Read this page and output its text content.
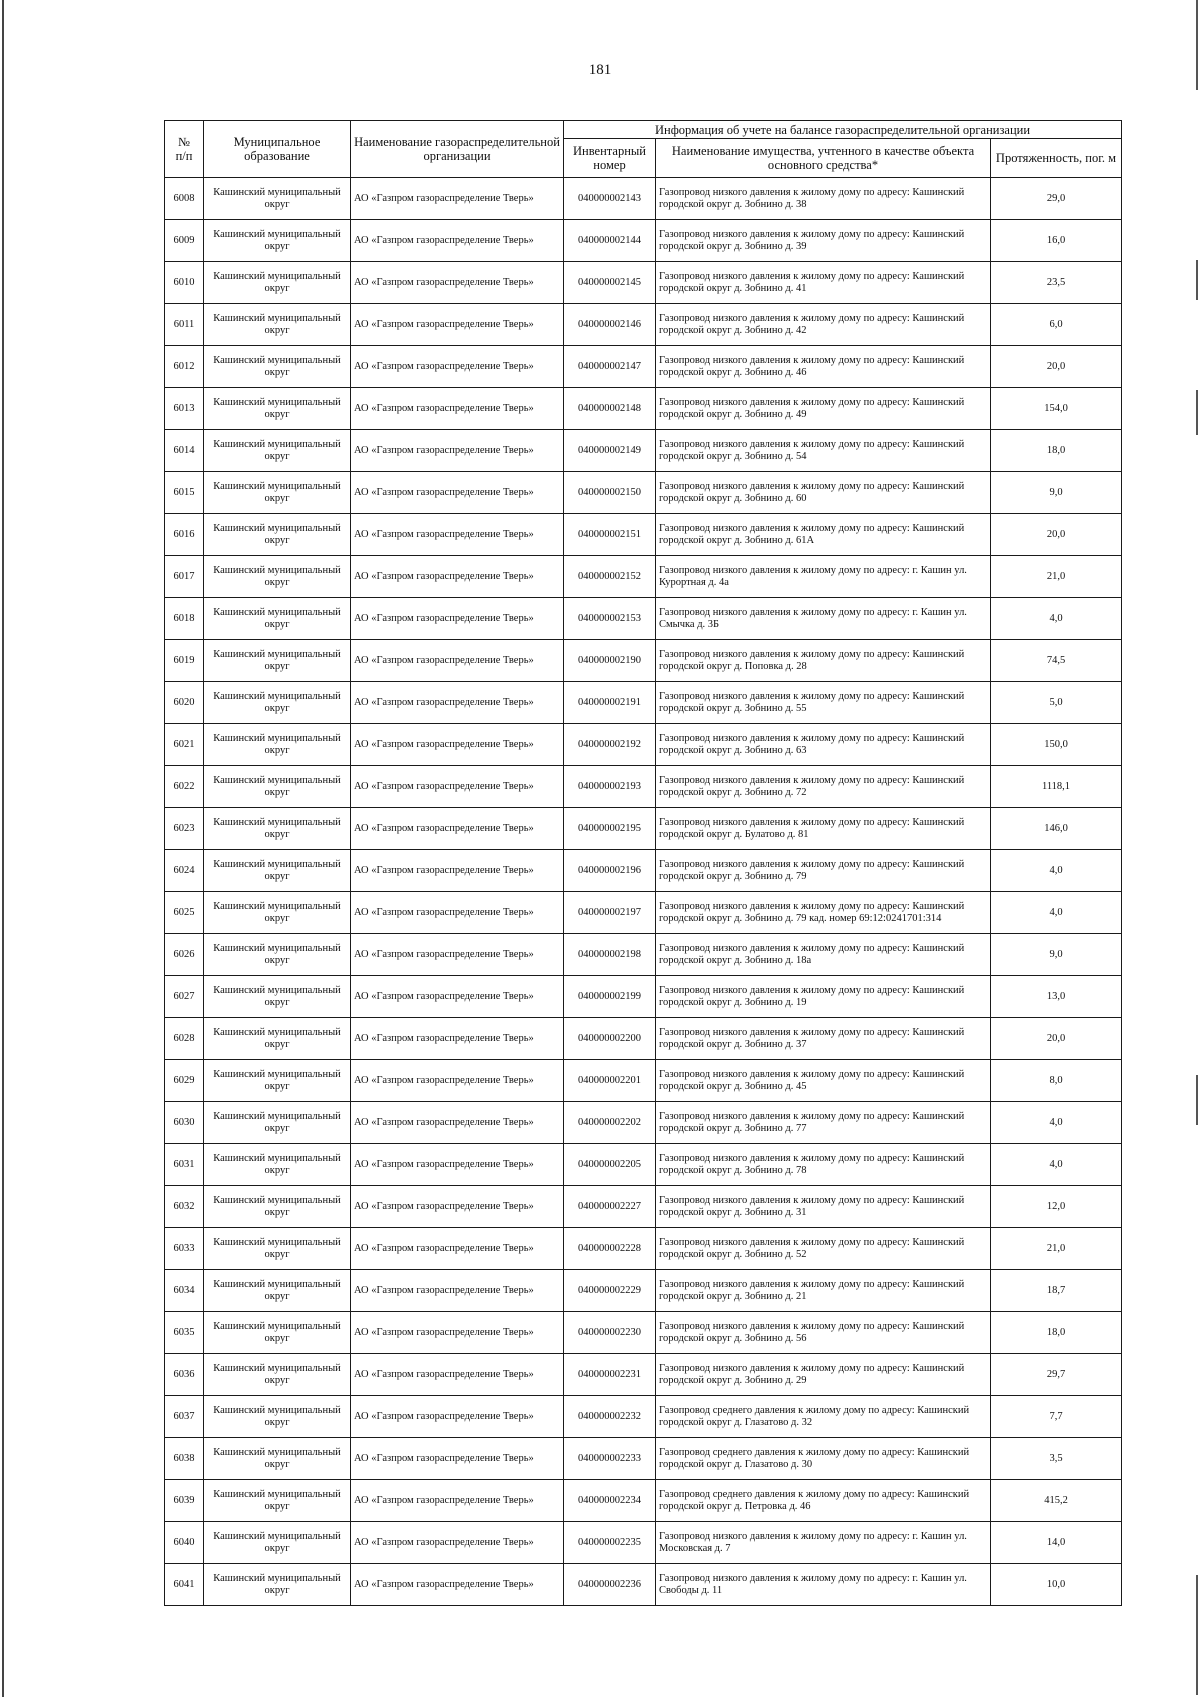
181
№
п/п	Муниципальное образование	Наименование газораспределительной организации	Информация об учете на балансе газораспределительной организации		
			Инвентарный номер	Наименование имущества, учтенного в качестве объекта основного средства*	Протяженность, пог. м
6008	Кашинский муниципальный округ	АО «Газпром газораспределение Тверь»	040000002143	Газопровод низкого давления к жилому дому по адресу: Кашинский городской округ д. Зобнино д. 38	29,0
6009	Кашинский муниципальный округ	АО «Газпром газораспределение Тверь»	040000002144	Газопровод низкого давления к жилому дому по адресу: Кашинский городской округ д. Зобнино д. 39	16,0
6010	Кашинский муниципальный округ	АО «Газпром газораспределение Тверь»	040000002145	Газопровод низкого давления к жилому дому по адресу: Кашинский городской округ д. Зобнино д. 41	23,5
6011	Кашинский муниципальный округ	АО «Газпром газораспределение Тверь»	040000002146	Газопровод низкого давления к жилому дому по адресу: Кашинский городской округ д. Зобнино д. 42	6,0
6012	Кашинский муниципальный округ	АО «Газпром газораспределение Тверь»	040000002147	Газопровод низкого давления к жилому дому по адресу: Кашинский городской округ д. Зобнино д. 46	20,0
6013	Кашинский муниципальный округ	АО «Газпром газораспределение Тверь»	040000002148	Газопровод низкого давления к жилому дому по адресу: Кашинский городской округ д. Зобнино д. 49	154,0
6014	Кашинский муниципальный округ	АО «Газпром газораспределение Тверь»	040000002149	Газопровод низкого давления к жилому дому по адресу: Кашинский городской округ д. Зобнино д. 54	18,0
6015	Кашинский муниципальный округ	АО «Газпром газораспределение Тверь»	040000002150	Газопровод низкого давления к жилому дому по адресу: Кашинский городской округ д. Зобнино д. 60	9,0
6016	Кашинский муниципальный округ	АО «Газпром газораспределение Тверь»	040000002151	Газопровод низкого давления к жилому дому по адресу: Кашинский городской округ д. Зобнино д. 61А	20,0
6017	Кашинский муниципальный округ	АО «Газпром газораспределение Тверь»	040000002152	Газопровод низкого давления к жилому дому по адресу: г. Кашин ул. Курортная д. 4а	21,0
6018	Кашинский муниципальный округ	АО «Газпром газораспределение Тверь»	040000002153	Газопровод низкого давления к жилому дому по адресу: г. Кашин ул. Смычка д. 3Б	4,0
6019	Кашинский муниципальный округ	АО «Газпром газораспределение Тверь»	040000002190	Газопровод низкого давления к жилому дому по адресу: Кашинский городской округ д. Поповка д. 28	74,5
6020	Кашинский муниципальный округ	АО «Газпром газораспределение Тверь»	040000002191	Газопровод низкого давления к жилому дому по адресу: Кашинский городской округ д. Зобнино д. 55	5,0
6021	Кашинский муниципальный округ	АО «Газпром газораспределение Тверь»	040000002192	Газопровод низкого давления к жилому дому по адресу: Кашинский городской округ д. Зобнино д. 63	150,0
6022	Кашинский муниципальный округ	АО «Газпром газораспределение Тверь»	040000002193	Газопровод низкого давления к жилому дому по адресу: Кашинский городской округ д. Зобнино д. 72	1118,1
6023	Кашинский муниципальный округ	АО «Газпром газораспределение Тверь»	040000002195	Газопровод низкого давления к жилому дому по адресу: Кашинский городской округ д. Булатово д. 81	146,0
6024	Кашинский муниципальный округ	АО «Газпром газораспределение Тверь»	040000002196	Газопровод низкого давления к жилому дому по адресу: Кашинский городской округ д. Зобнино д. 79	4,0
6025	Кашинский муниципальный округ	АО «Газпром газораспределение Тверь»	040000002197	Газопровод низкого давления к жилому дому по адресу: Кашинский городской округ д. Зобнино д. 79 кад. номер 69:12:0241701:314	4,0
6026	Кашинский муниципальный округ	АО «Газпром газораспределение Тверь»	040000002198	Газопровод низкого давления к жилому дому по адресу: Кашинский городской округ д. Зобнино д. 18а	9,0
6027	Кашинский муниципальный округ	АО «Газпром газораспределение Тверь»	040000002199	Газопровод низкого давления к жилому дому по адресу: Кашинский городской округ д. Зобнино д. 19	13,0
6028	Кашинский муниципальный округ	АО «Газпром газораспределение Тверь»	040000002200	Газопровод низкого давления к жилому дому по адресу: Кашинский городской округ д. Зобнино д. 37	20,0
6029	Кашинский муниципальный округ	АО «Газпром газораспределение Тверь»	040000002201	Газопровод низкого давления к жилому дому по адресу: Кашинский городской округ д. Зобнино д. 45	8,0
6030	Кашинский муниципальный округ	АО «Газпром газораспределение Тверь»	040000002202	Газопровод низкого давления к жилому дому по адресу: Кашинский городской округ д. Зобнино д. 77	4,0
6031	Кашинский муниципальный округ	АО «Газпром газораспределение Тверь»	040000002205	Газопровод низкого давления к жилому дому по адресу: Кашинский городской округ д. Зобнино д. 78	4,0
6032	Кашинский муниципальный округ	АО «Газпром газораспределение Тверь»	040000002227	Газопровод низкого давления к жилому дому по адресу: Кашинский городской округ д. Зобнино д. 31	12,0
6033	Кашинский муниципальный округ	АО «Газпром газораспределение Тверь»	040000002228	Газопровод низкого давления к жилому дому по адресу: Кашинский городской округ д. Зобнино д. 52	21,0
6034	Кашинский муниципальный округ	АО «Газпром газораспределение Тверь»	040000002229	Газопровод низкого давления к жилому дому по адресу: Кашинский городской округ д. Зобнино д. 21	18,7
6035	Кашинский муниципальный округ	АО «Газпром газораспределение Тверь»	040000002230	Газопровод низкого давления к жилому дому по адресу: Кашинский городской округ д. Зобнино д. 56	18,0
6036	Кашинский муниципальный округ	АО «Газпром газораспределение Тверь»	040000002231	Газопровод низкого давления к жилому дому по адресу: Кашинский городской округ д. Зобнино д. 29	29,7
6037	Кашинский муниципальный округ	АО «Газпром газораспределение Тверь»	040000002232	Газопровод среднего давления к жилому дому по адресу: Кашинский городской округ д. Глазатово д. 32	7,7
6038	Кашинский муниципальный округ	АО «Газпром газораспределение Тверь»	040000002233	Газопровод среднего давления к жилому дому по адресу: Кашинский городской округ д. Глазатово д. 30	3,5
6039	Кашинский муниципальный округ	АО «Газпром газораспределение Тверь»	040000002234	Газопровод среднего давления к жилому дому по адресу: Кашинский городской округ д. Петровка д. 46	415,2
6040	Кашинский муниципальный округ	АО «Газпром газораспределение Тверь»	040000002235	Газопровод низкого давления к жилому дому по адресу: г. Кашин ул. Московская д. 7	14,0
6041	Кашинский муниципальный округ	АО «Газпром газораспределение Тверь»	040000002236	Газопровод низкого давления к жилому дому по адресу: г. Кашин ул. Свободы д. 11	10,0
